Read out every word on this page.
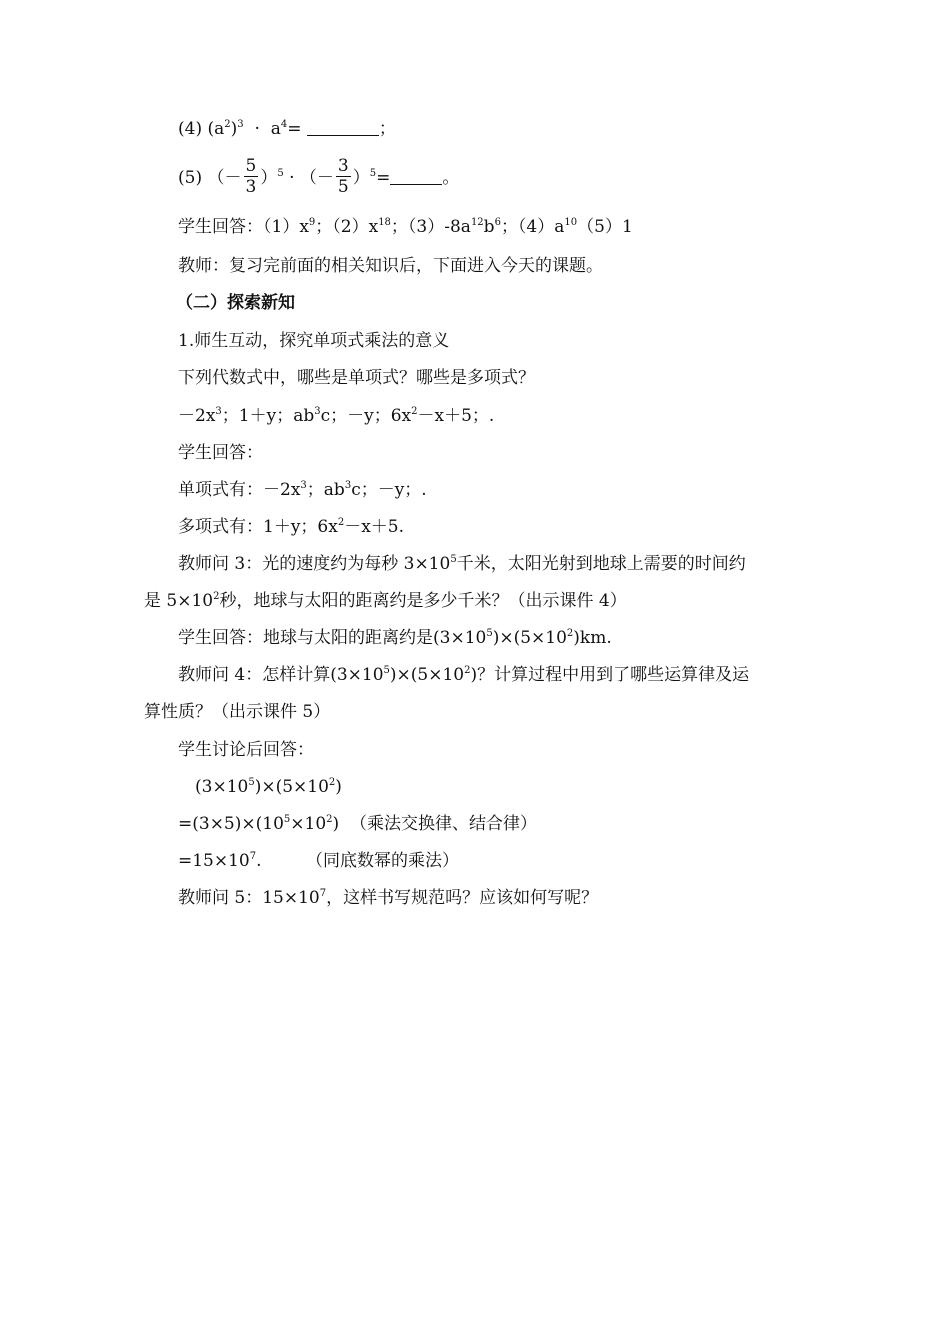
(4) $(a^2)^3 \cdot a^4=$	；
(5) （－ $\frac{5}{3} )^5$ · （－ $\frac{3}{5} )^5=$	。
学生回答：$(1)x^9$；$(2)x^{18}$；$(3)-8a^{12}b^6$；$(4)a^{10}(5)1$
教师：复习完前面的相关知识后，下面进入今天的课题。
（二）探索新知
1.师生互动，探究单项式乘法的意义
下列代数式中，哪些是单项式？哪些是多项式？
$-2x^3$；1＋y；$ab^3c$；－y；$6x^2-x+5$；.
学生回答：
单项式有：$-2x^3$；$ab^3c$；－y；.
多项式有：1＋y；$6x^2-x+5$.
教师问 3：光的速度约为每秒 $3\times 10^5$千米，太阳光射到地球上需要的时间约
是 $5\times 10^2$秒，地球与太阳的距离约是多少千米？（出示课件 4）
学生回答：地球与太阳的距离约是$(3\times 10^5)\times(5\times 10^2)km$.
教师问 4：怎样计算$(3\times 10^5)\times(5\times 10^2)$？计算过程中用到了哪些运算律及运
算性质？（出示课件 5）
学生讨论后回答：
$(3\times 10^5)\times(5\times 10^2)$
$=(3\times 5)\times(10^5\times 10^2)$ （乘法交换律、结合律）
$=15\times 10^7$.	（同底数幂的乘法）
教师问 5：$15\times 10^7$，这样书写规范吗？应该如何写呢？
